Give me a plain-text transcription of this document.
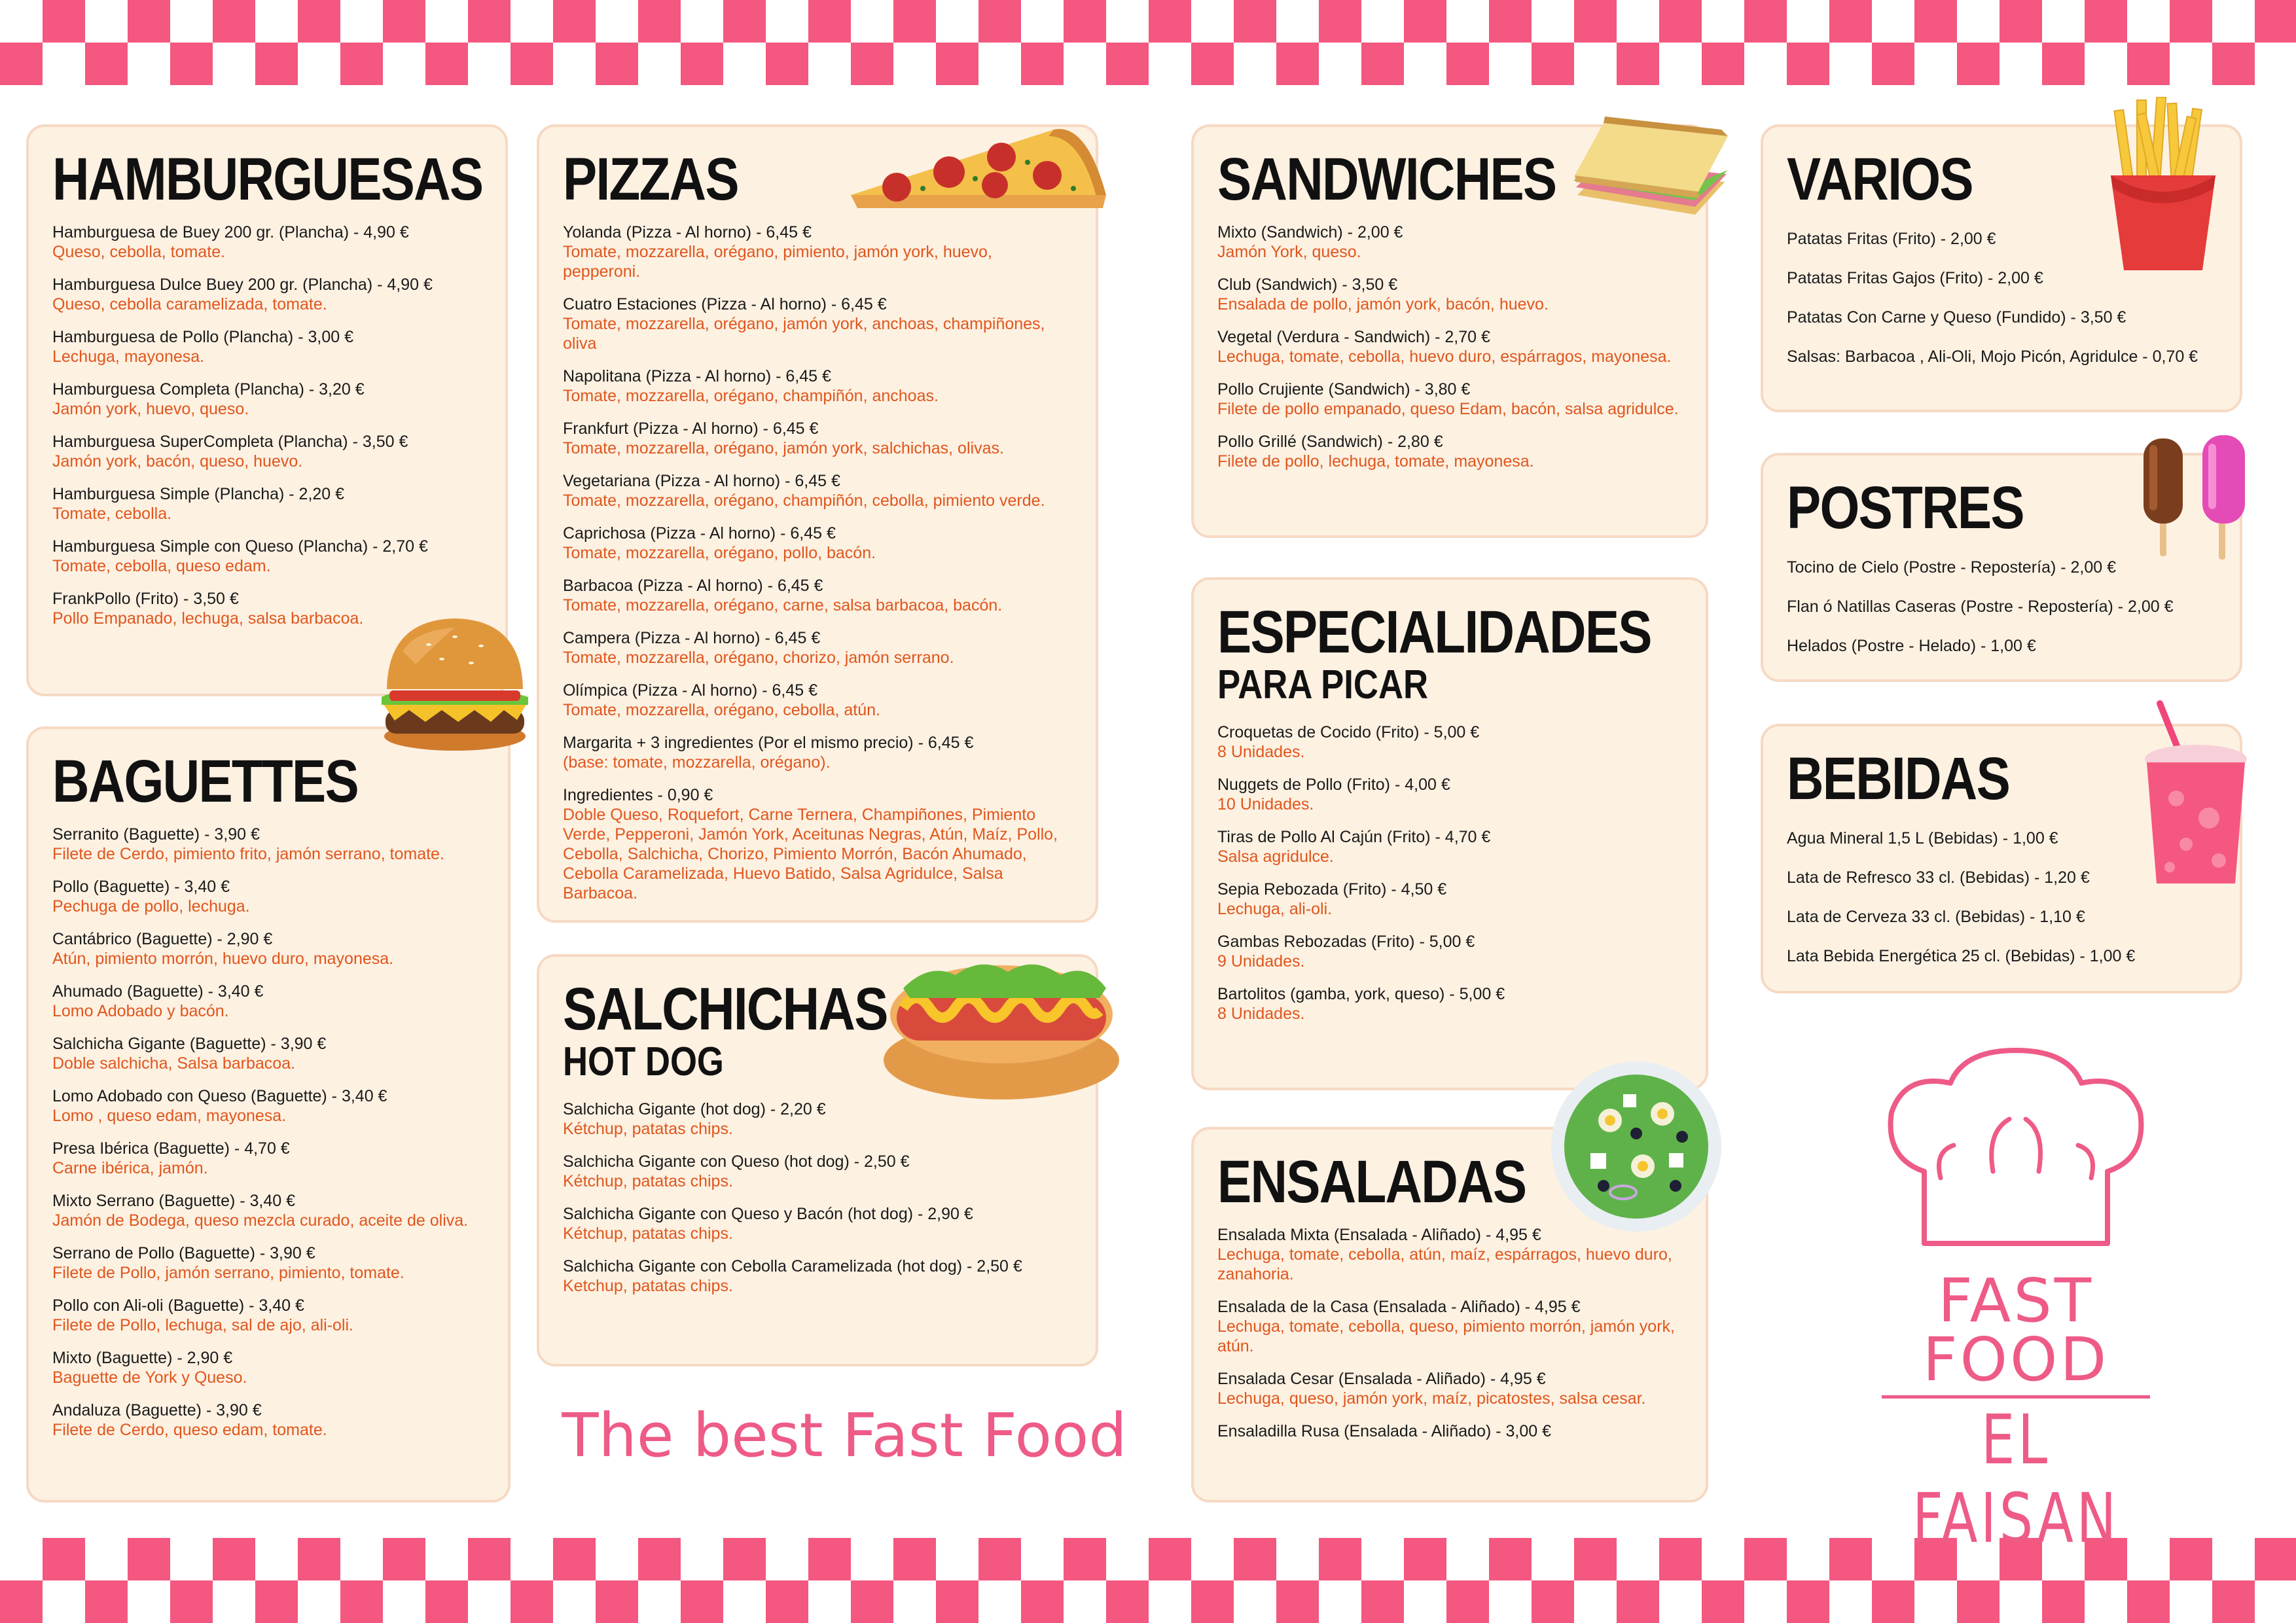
HAMBURGUESAS
Hamburguesa de Buey 200 gr. (Plancha) - 4,90 €
Queso, cebolla, tomate.
Hamburguesa Dulce Buey 200 gr. (Plancha) - 4,90 €
Queso, cebolla caramelizada, tomate.
Hamburguesa de Pollo (Plancha) - 3,00 €
Lechuga, mayonesa.
Hamburguesa Completa (Plancha) - 3,20 €
Jamón york, huevo, queso.
Hamburguesa SuperCompleta (Plancha) - 3,50 €
Jamón york, bacón, queso, huevo.
Hamburguesa Simple (Plancha) - 2,20 €
Tomate, cebolla.
Hamburguesa Simple con Queso (Plancha) - 2,70 €
Tomate, cebolla, queso edam.
FrankPollo (Frito) - 3,50 €
Pollo Empanado, lechuga, salsa barbacoa.
BAGUETTES
Serranito (Baguette) - 3,90 €
Filete de Cerdo, pimiento frito, jamón serrano, tomate.
Pollo (Baguette) - 3,40 €
Pechuga de pollo, lechuga.
Cantábrico (Baguette) - 2,90 €
Atún, pimiento morrón, huevo duro, mayonesa.
Ahumado (Baguette) - 3,40 €
Lomo Adobado y bacón.
Salchicha Gigante (Baguette) - 3,90 €
Doble salchicha, Salsa barbacoa.
Lomo Adobado con Queso (Baguette) - 3,40 €
Lomo , queso edam, mayonesa.
Presa Ibérica (Baguette) - 4,70 €
Carne ibérica, jamón.
Mixto Serrano (Baguette) - 3,40 €
Jamón de Bodega, queso mezcla curado, aceite de oliva.
Serrano de Pollo (Baguette) - 3,90 €
Filete de Pollo, jamón serrano, pimiento, tomate.
Pollo con Ali-oli (Baguette) - 3,40 €
Filete de Pollo, lechuga, sal de ajo, ali-oli.
Mixto (Baguette) - 2,90 €
Baguette de York y Queso.
Andaluza (Baguette) - 3,90 €
Filete de Cerdo, queso edam, tomate.
PIZZAS
Yolanda (Pizza - Al horno) - 6,45 €
Tomate, mozzarella, orégano, pimiento, jamón york, huevo, pepperoni.
Cuatro Estaciones (Pizza - Al horno) - 6,45 €
Tomate, mozzarella, orégano, jamón york, anchoas, champiñones, oliva
Napolitana (Pizza - Al horno) - 6,45 €
Tomate, mozzarella, orégano, champiñón, anchoas.
Frankfurt (Pizza - Al horno) - 6,45 €
Tomate, mozzarella, orégano, jamón york, salchichas, olivas.
Vegetariana (Pizza - Al horno) - 6,45 €
Tomate, mozzarella, orégano, champiñón, cebolla, pimiento verde.
Caprichosa (Pizza - Al horno) - 6,45 €
Tomate, mozzarella, orégano, pollo, bacón.
Barbacoa (Pizza - Al horno) - 6,45 €
Tomate, mozzarella, orégano, carne, salsa barbacoa, bacón.
Campera (Pizza - Al horno) - 6,45 €
Tomate, mozzarella, orégano, chorizo, jamón serrano.
Olímpica (Pizza - Al horno) - 6,45 €
Tomate, mozzarella, orégano, cebolla, atún.
Margarita + 3 ingredientes (Por el mismo precio) - 6,45 €
(base: tomate, mozzarella, orégano).
Ingredientes - 0,90 €
Doble Queso, Roquefort, Carne Ternera, Champiñones, Pimiento Verde, Pepperoni, Jamón York, Aceitunas Negras, Atún, Maíz, Pollo, Cebolla, Salchicha, Chorizo, Pimiento Morrón, Bacón Ahumado, Cebolla Caramelizada, Huevo Batido, Salsa Agridulce, Salsa Barbacoa.
SALCHICHAS
HOT DOG
Salchicha Gigante (hot dog) - 2,20 €
Kétchup, patatas chips.
Salchicha Gigante con Queso (hot dog) - 2,50 €
Kétchup, patatas chips.
Salchicha Gigante con Queso y Bacón (hot dog) - 2,90 €
Kétchup, patatas chips.
Salchicha Gigante con Cebolla Caramelizada (hot dog) - 2,50 €
Ketchup, patatas chips.
The best Fast Food
SANDWICHES
Mixto (Sandwich) - 2,00 €
Jamón York, queso.
Club (Sandwich) - 3,50 €
Ensalada de pollo, jamón york, bacón, huevo.
Vegetal (Verdura - Sandwich) - 2,70 €
Lechuga, tomate, cebolla, huevo duro, espárragos, mayonesa.
Pollo Crujiente (Sandwich) - 3,80 €
Filete de pollo empanado, queso Edam, bacón, salsa agridulce.
Pollo Grillé (Sandwich) - 2,80 €
Filete de pollo, lechuga, tomate, mayonesa.
ESPECIALIDADES
PARA PICAR
Croquetas de Cocido (Frito) - 5,00 €
8 Unidades.
Nuggets de Pollo (Frito) - 4,00 €
10 Unidades.
Tiras de Pollo Al Cajún (Frito) - 4,70 €
Salsa agridulce.
Sepia Rebozada (Frito) - 4,50 €
Lechuga, ali-oli.
Gambas Rebozadas (Frito) - 5,00 €
9 Unidades.
Bartolitos (gamba, york, queso) - 5,00 €
8 Unidades.
ENSALADAS
Ensalada Mixta (Ensalada - Aliñado) - 4,95 €
Lechuga, tomate, cebolla, atún, maíz, espárragos, huevo duro, zanahoria.
Ensalada de la Casa (Ensalada - Aliñado) - 4,95 €
Lechuga, tomate, cebolla, queso, pimiento morrón, jamón york, atún.
Ensalada Cesar (Ensalada - Aliñado) - 4,95 €
Lechuga, queso, jamón york, maíz, picatostes, salsa cesar.
Ensaladilla Rusa (Ensalada - Aliñado) - 3,00 €
VARIOS
Patatas Fritas (Frito) - 2,00 €
Patatas Fritas Gajos (Frito) - 2,00 €
Patatas Con Carne y Queso (Fundido) - 3,50 €
Salsas: Barbacoa , Ali-Oli, Mojo Picón, Agridulce - 0,70 €
POSTRES
Tocino de Cielo (Postre - Repostería) - 2,00 €
Flan ó Natillas Caseras (Postre - Repostería) - 2,00 €
Helados (Postre - Helado) - 1,00 €
BEBIDAS
Agua Mineral 1,5 L (Bebidas) - 1,00 €
Lata de Refresco 33 cl. (Bebidas) - 1,20 €
Lata de Cerveza 33 cl. (Bebidas) - 1,10 €
Lata Bebida Energética 25 cl. (Bebidas) - 1,00 €
FAST
FOOD
EL FAISAN
